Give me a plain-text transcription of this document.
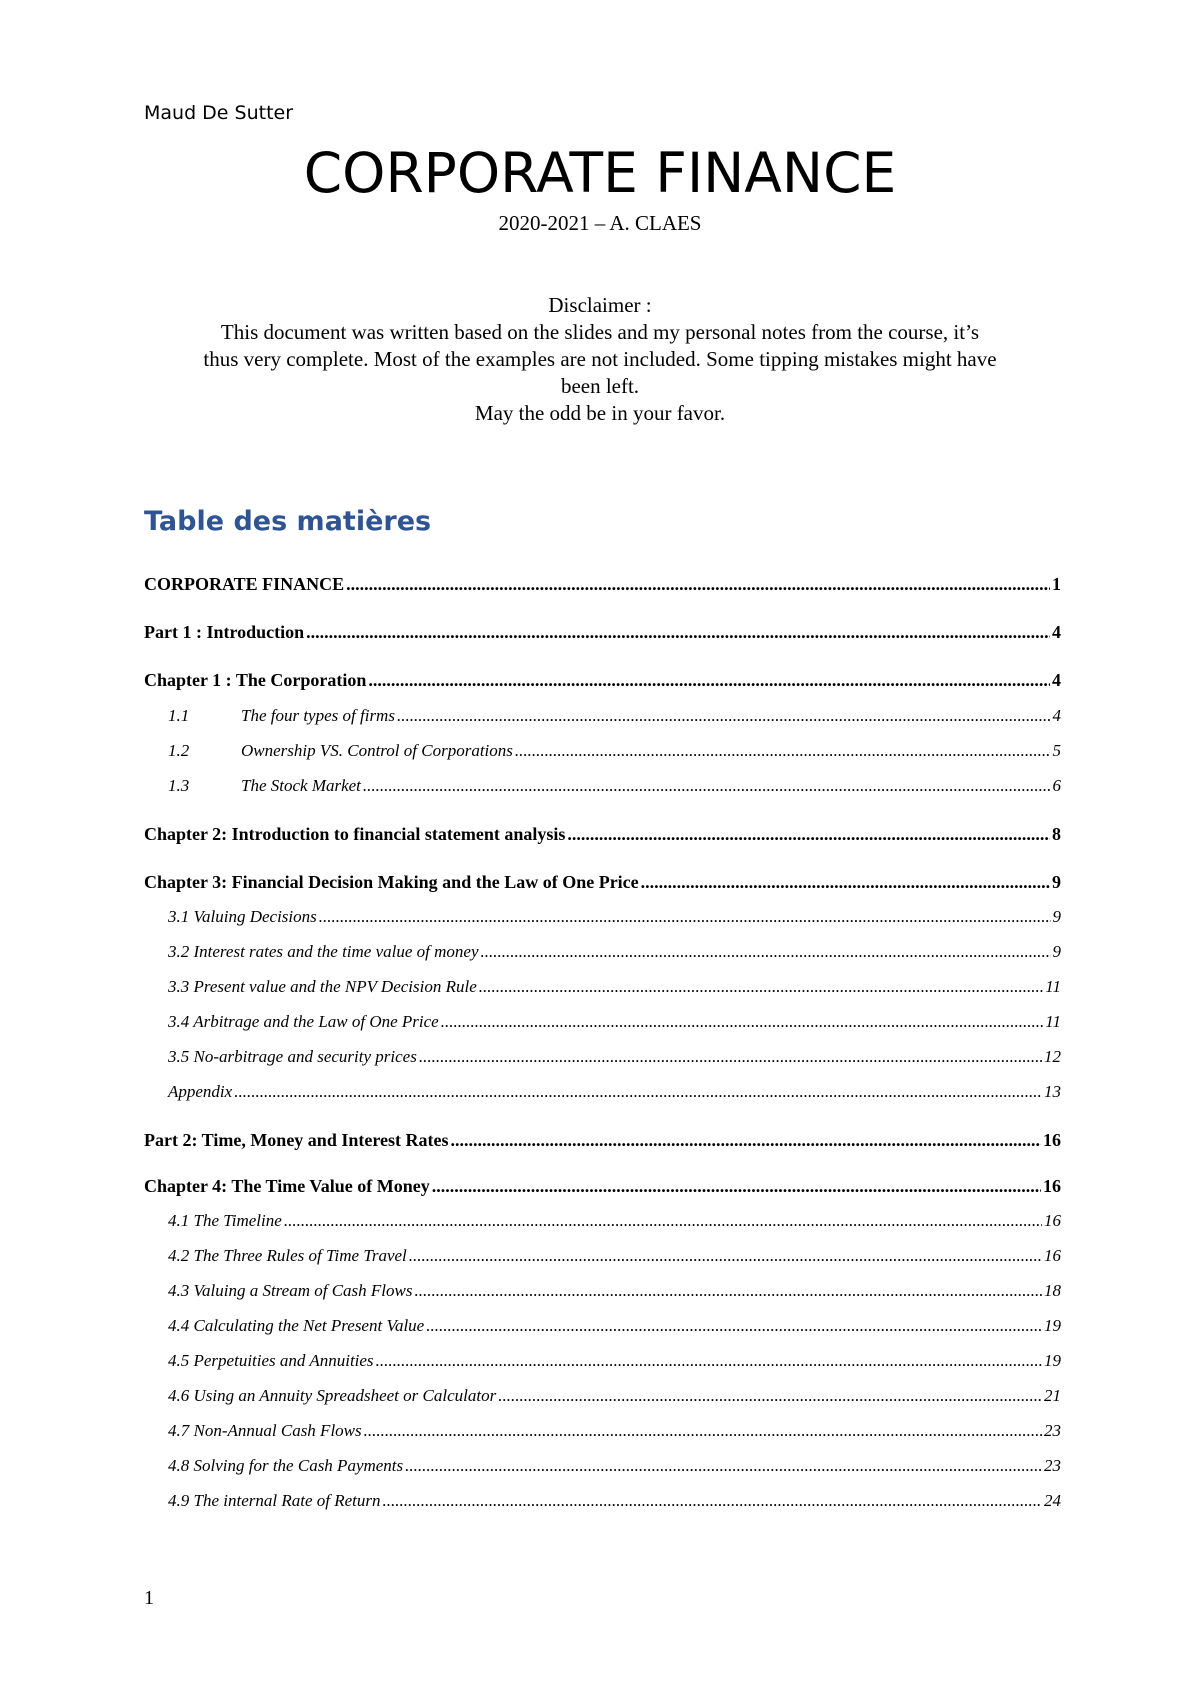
Maud De Sutter
CORPORATE FINANCE
2020-2021 – A. CLAES
Disclaimer :
This document was written based on the slides and my personal notes from the course, it’s
thus very complete. Most of the examples are not included. Some tipping mistakes might have
been left.
May the odd be in your favor.
Table des matières
CORPORATE FINANCE .....	1
Part 1 : Introduction .....	4
Chapter 1 : The Corporation .....	4
1.1	The four types of firms .....	4
1.2	Ownership VS. Control of Corporations .....	5
1.3	The Stock Market .....	6
Chapter 2: Introduction to financial statement analysis .....	8
Chapter 3: Financial Decision Making and the Law of One Price .....	9
3.1 Valuing Decisions .....	9
3.2 Interest rates and the time value of money .....	9
3.3 Present value and the NPV Decision Rule .....	11
3.4 Arbitrage and the Law of One Price .....	11
3.5 No-arbitrage and security prices .....	12
Appendix .....	13
Part 2: Time, Money and Interest Rates .....	16
Chapter 4: The Time Value of Money .....	16
4.1 The Timeline .....	16
4.2 The Three Rules of Time Travel .....	16
4.3 Valuing a Stream of Cash Flows .....	18
4.4 Calculating the Net Present Value .....	19
4.5 Perpetuities and Annuities .....	19
4.6 Using an Annuity Spreadsheet or Calculator .....	21
4.7 Non-Annual Cash Flows .....	23
4.8 Solving for the Cash Payments .....	23
4.9 The internal Rate of Return .....	24
1
